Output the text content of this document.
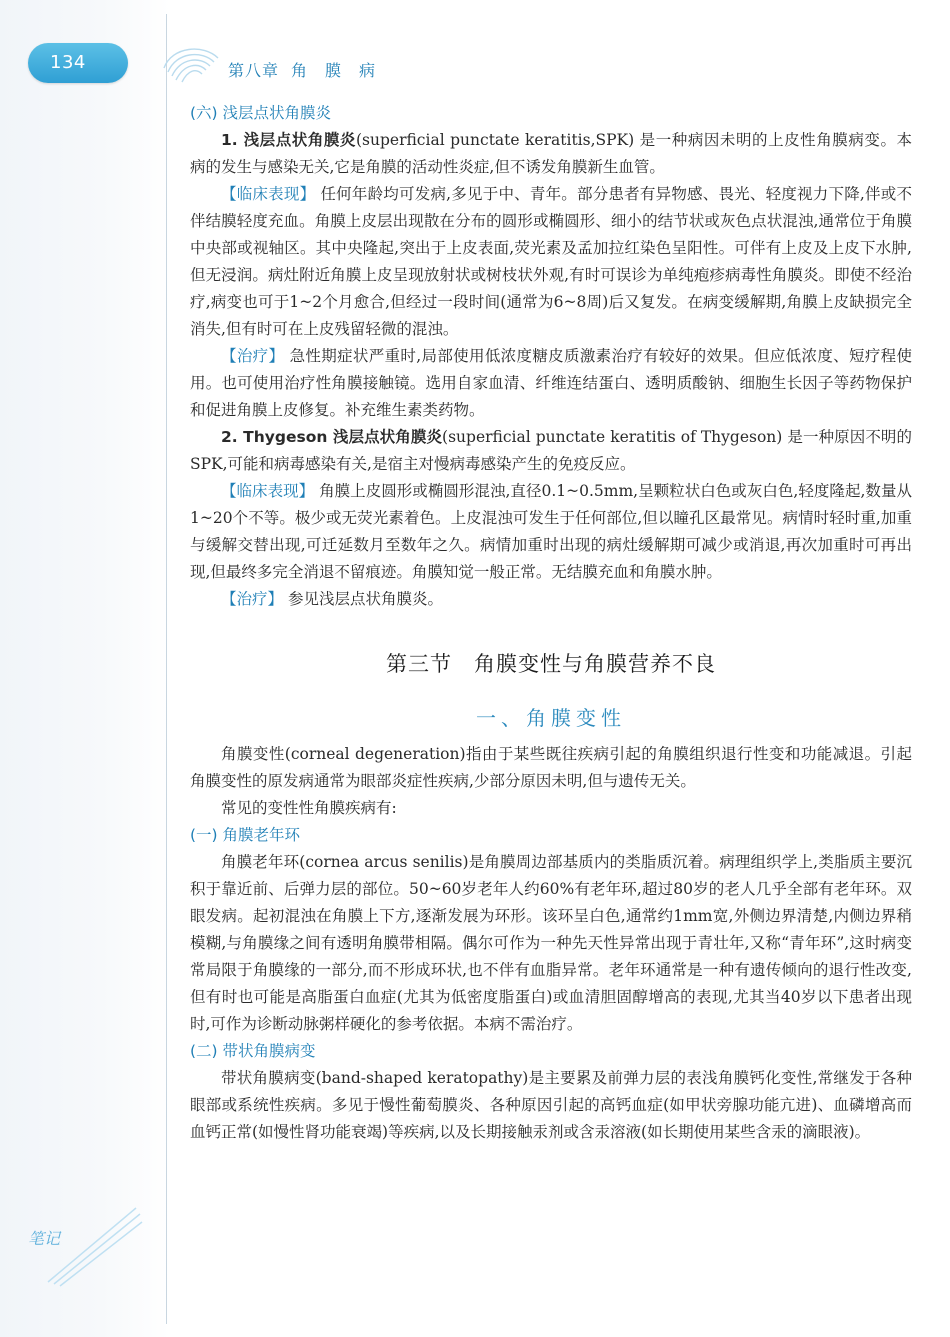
134	第八章 角　膜　病

(六) 浅层点状角膜炎

1. 浅层点状角膜炎(superficial punctate keratitis,SPK) 是一种病因未明的上皮性角膜病变。本病的发生与感染无关,它是角膜的活动性炎症,但不诱发角膜新生血管。

【临床表现】 任何年龄均可发病,多见于中、青年。部分患者有异物感、畏光、轻度视力下降,伴或不伴结膜轻度充血。角膜上皮层出现散在分布的圆形或椭圆形、细小的结节状或灰色点状混浊,通常位于角膜中央部或视轴区。其中央隆起,突出于上皮表面,荧光素及孟加拉红染色呈阳性。可伴有上皮及上皮下水肿,但无浸润。病灶附近角膜上皮呈现放射状或树枝状外观,有时可误诊为单纯疱疹病毒性角膜炎。即使不经治疗,病变也可于1~2个月愈合,但经过一段时间(通常为6~8周)后又复发。在病变缓解期,角膜上皮缺损完全消失,但有时可在上皮残留轻微的混浊。

【治疗】 急性期症状严重时,局部使用低浓度糖皮质激素治疗有较好的效果。但应低浓度、短疗程使用。也可使用治疗性角膜接触镜。选用自家血清、纤维连结蛋白、透明质酸钠、细胞生长因子等药物保护和促进角膜上皮修复。补充维生素类药物。

2. Thygeson 浅层点状角膜炎(superficial punctate keratitis of Thygeson) 是一种原因不明的SPK,可能和病毒感染有关,是宿主对慢病毒感染产生的免疫反应。

【临床表现】 角膜上皮圆形或椭圆形混浊,直径0.1~0.5mm,呈颗粒状白色或灰白色,轻度隆起,数量从1~20个不等。极少或无荧光素着色。上皮混浊可发生于任何部位,但以瞳孔区最常见。病情时轻时重,加重与缓解交替出现,可迁延数月至数年之久。病情加重时出现的病灶缓解期可减少或消退,再次加重时可再出现,但最终多完全消退不留痕迹。角膜知觉一般正常。无结膜充血和角膜水肿。

【治疗】 参见浅层点状角膜炎。

第三节 角膜变性与角膜营养不良
一、角膜变性

角膜变性(corneal degeneration)指由于某些既往疾病引起的角膜组织退行性变和功能减退。引起角膜变性的原发病通常为眼部炎症性疾病,少部分原因未明,但与遗传无关。

常见的变性性角膜疾病有:

(一) 角膜老年环

角膜老年环(cornea arcus senilis)是角膜周边部基质内的类脂质沉着。病理组织学上,类脂质主要沉积于靠近前、后弹力层的部位。50~60岁老年人约60%有老年环,超过80岁的老人几乎全部有老年环。双眼发病。起初混浊在角膜上下方,逐渐发展为环形。该环呈白色,通常约1mm宽,外侧边界清楚,内侧边界稍模糊,与角膜缘之间有透明角膜带相隔。偶尔可作为一种先天性异常出现于青壮年,又称“青年环”,这时病变常局限于角膜缘的一部分,而不形成环状,也不伴有血脂异常。老年环通常是一种有遗传倾向的退行性改变,但有时也可能是高脂蛋白血症(尤其为低密度脂蛋白)或血清胆固醇增高的表现,尤其当40岁以下患者出现时,可作为诊断动脉粥样硬化的参考依据。本病不需治疗。

(二) 带状角膜病变

带状角膜病变(band-shaped keratopathy)是主要累及前弹力层的表浅角膜钙化变性,常继发于各种眼部或系统性疾病。多见于慢性葡萄膜炎、各种原因引起的高钙血症(如甲状旁腺功能亢进)、血磷增高而血钙正常(如慢性肾功能衰竭)等疾病,以及长期接触汞剂或含汞溶液(如长期使用某些含汞的滴眼液)。

笔记
